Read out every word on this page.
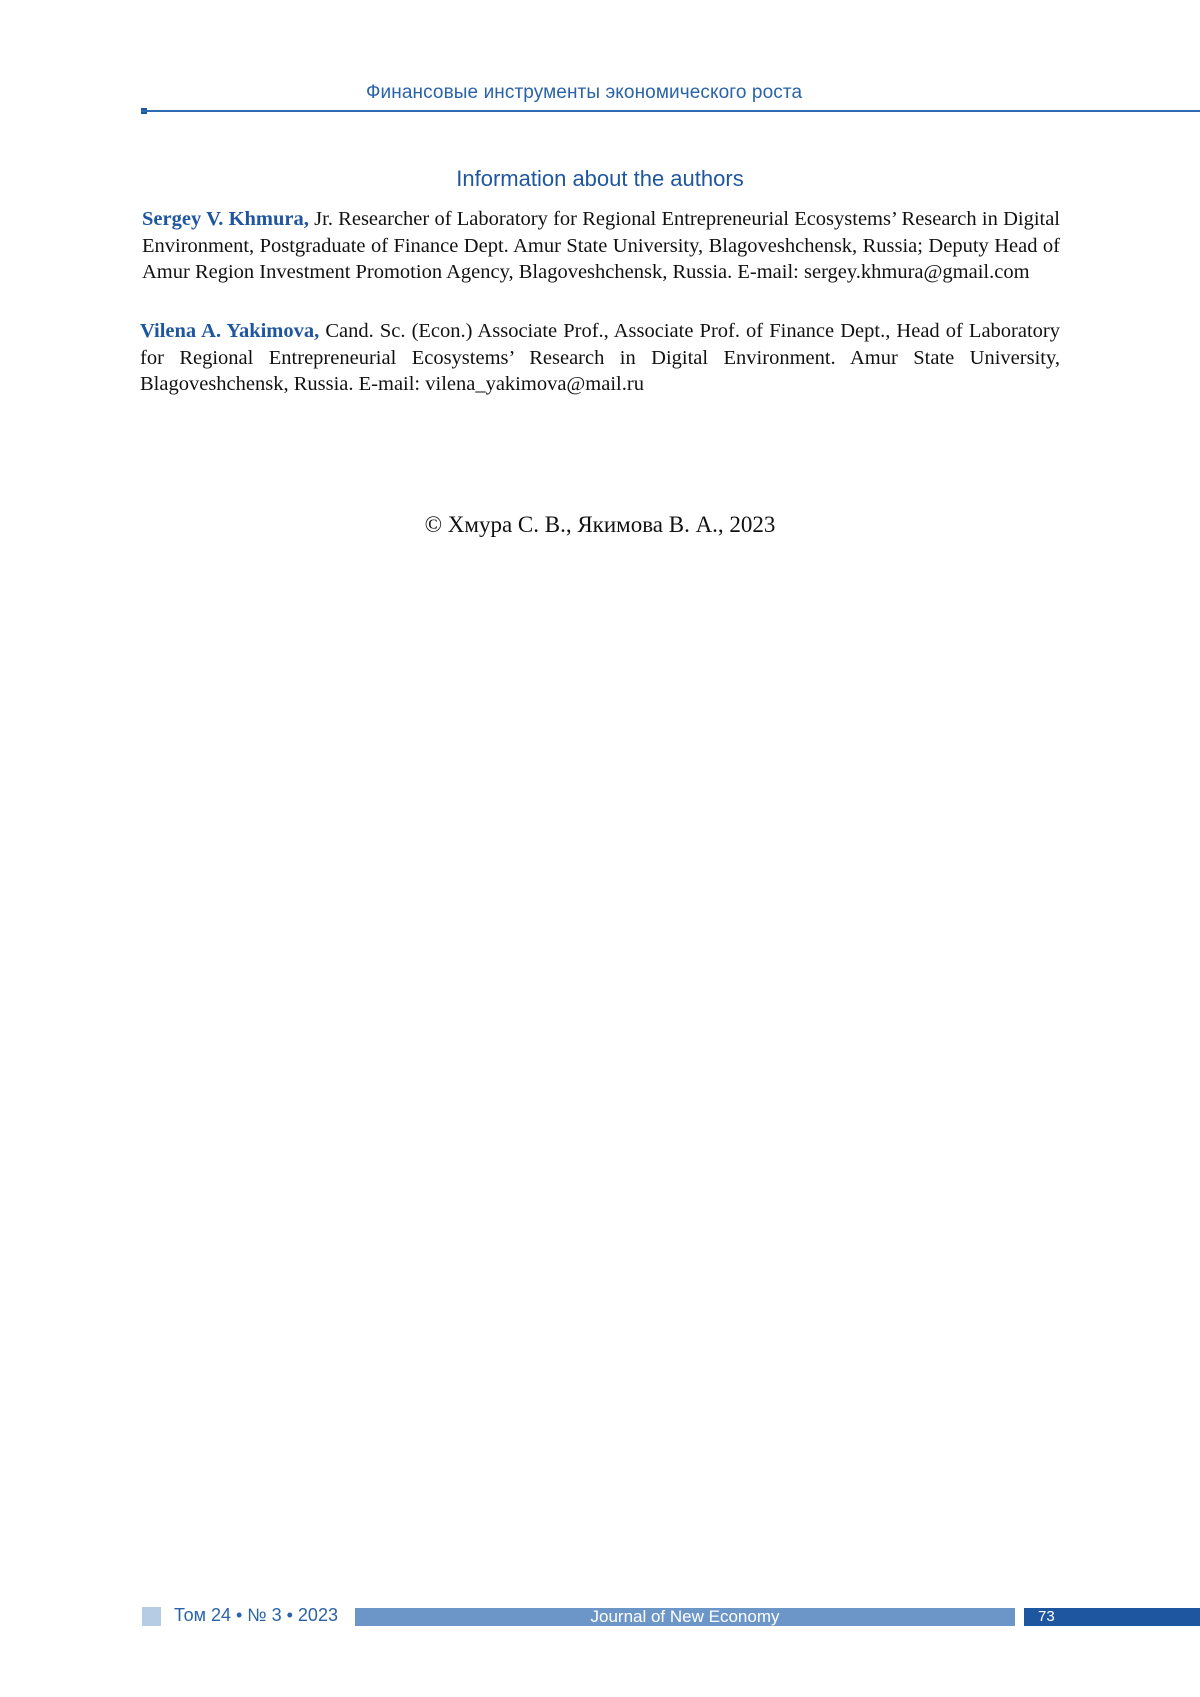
Финансовые инструменты экономического роста
Information about the authors

Sergey V. Khmura, Jr. Researcher of Laboratory for Regional Entrepreneurial Ecosystems’ Research in Digital Environment, Postgraduate of Finance Dept. Amur State University, Blagoveshchensk, Russia; Deputy Head of Amur Region Investment Promotion Agency, Blagoveshchensk, Russia. E-mail: sergey.khmura@gmail.com

Vilena A. Yakimova, Cand. Sc. (Econ.) Associate Prof., Associate Prof. of Finance Dept., Head of Laboratory for Regional Entrepreneurial Ecosystems’ Research in Digital Environment. Amur State University, Blagoveshchensk, Russia. E-mail: vilena_yakimova@mail.ru

© Хмура С. В., Якимова В. А., 2023
Том 24 • № 3 • 2023	Journal of New Economy	73
